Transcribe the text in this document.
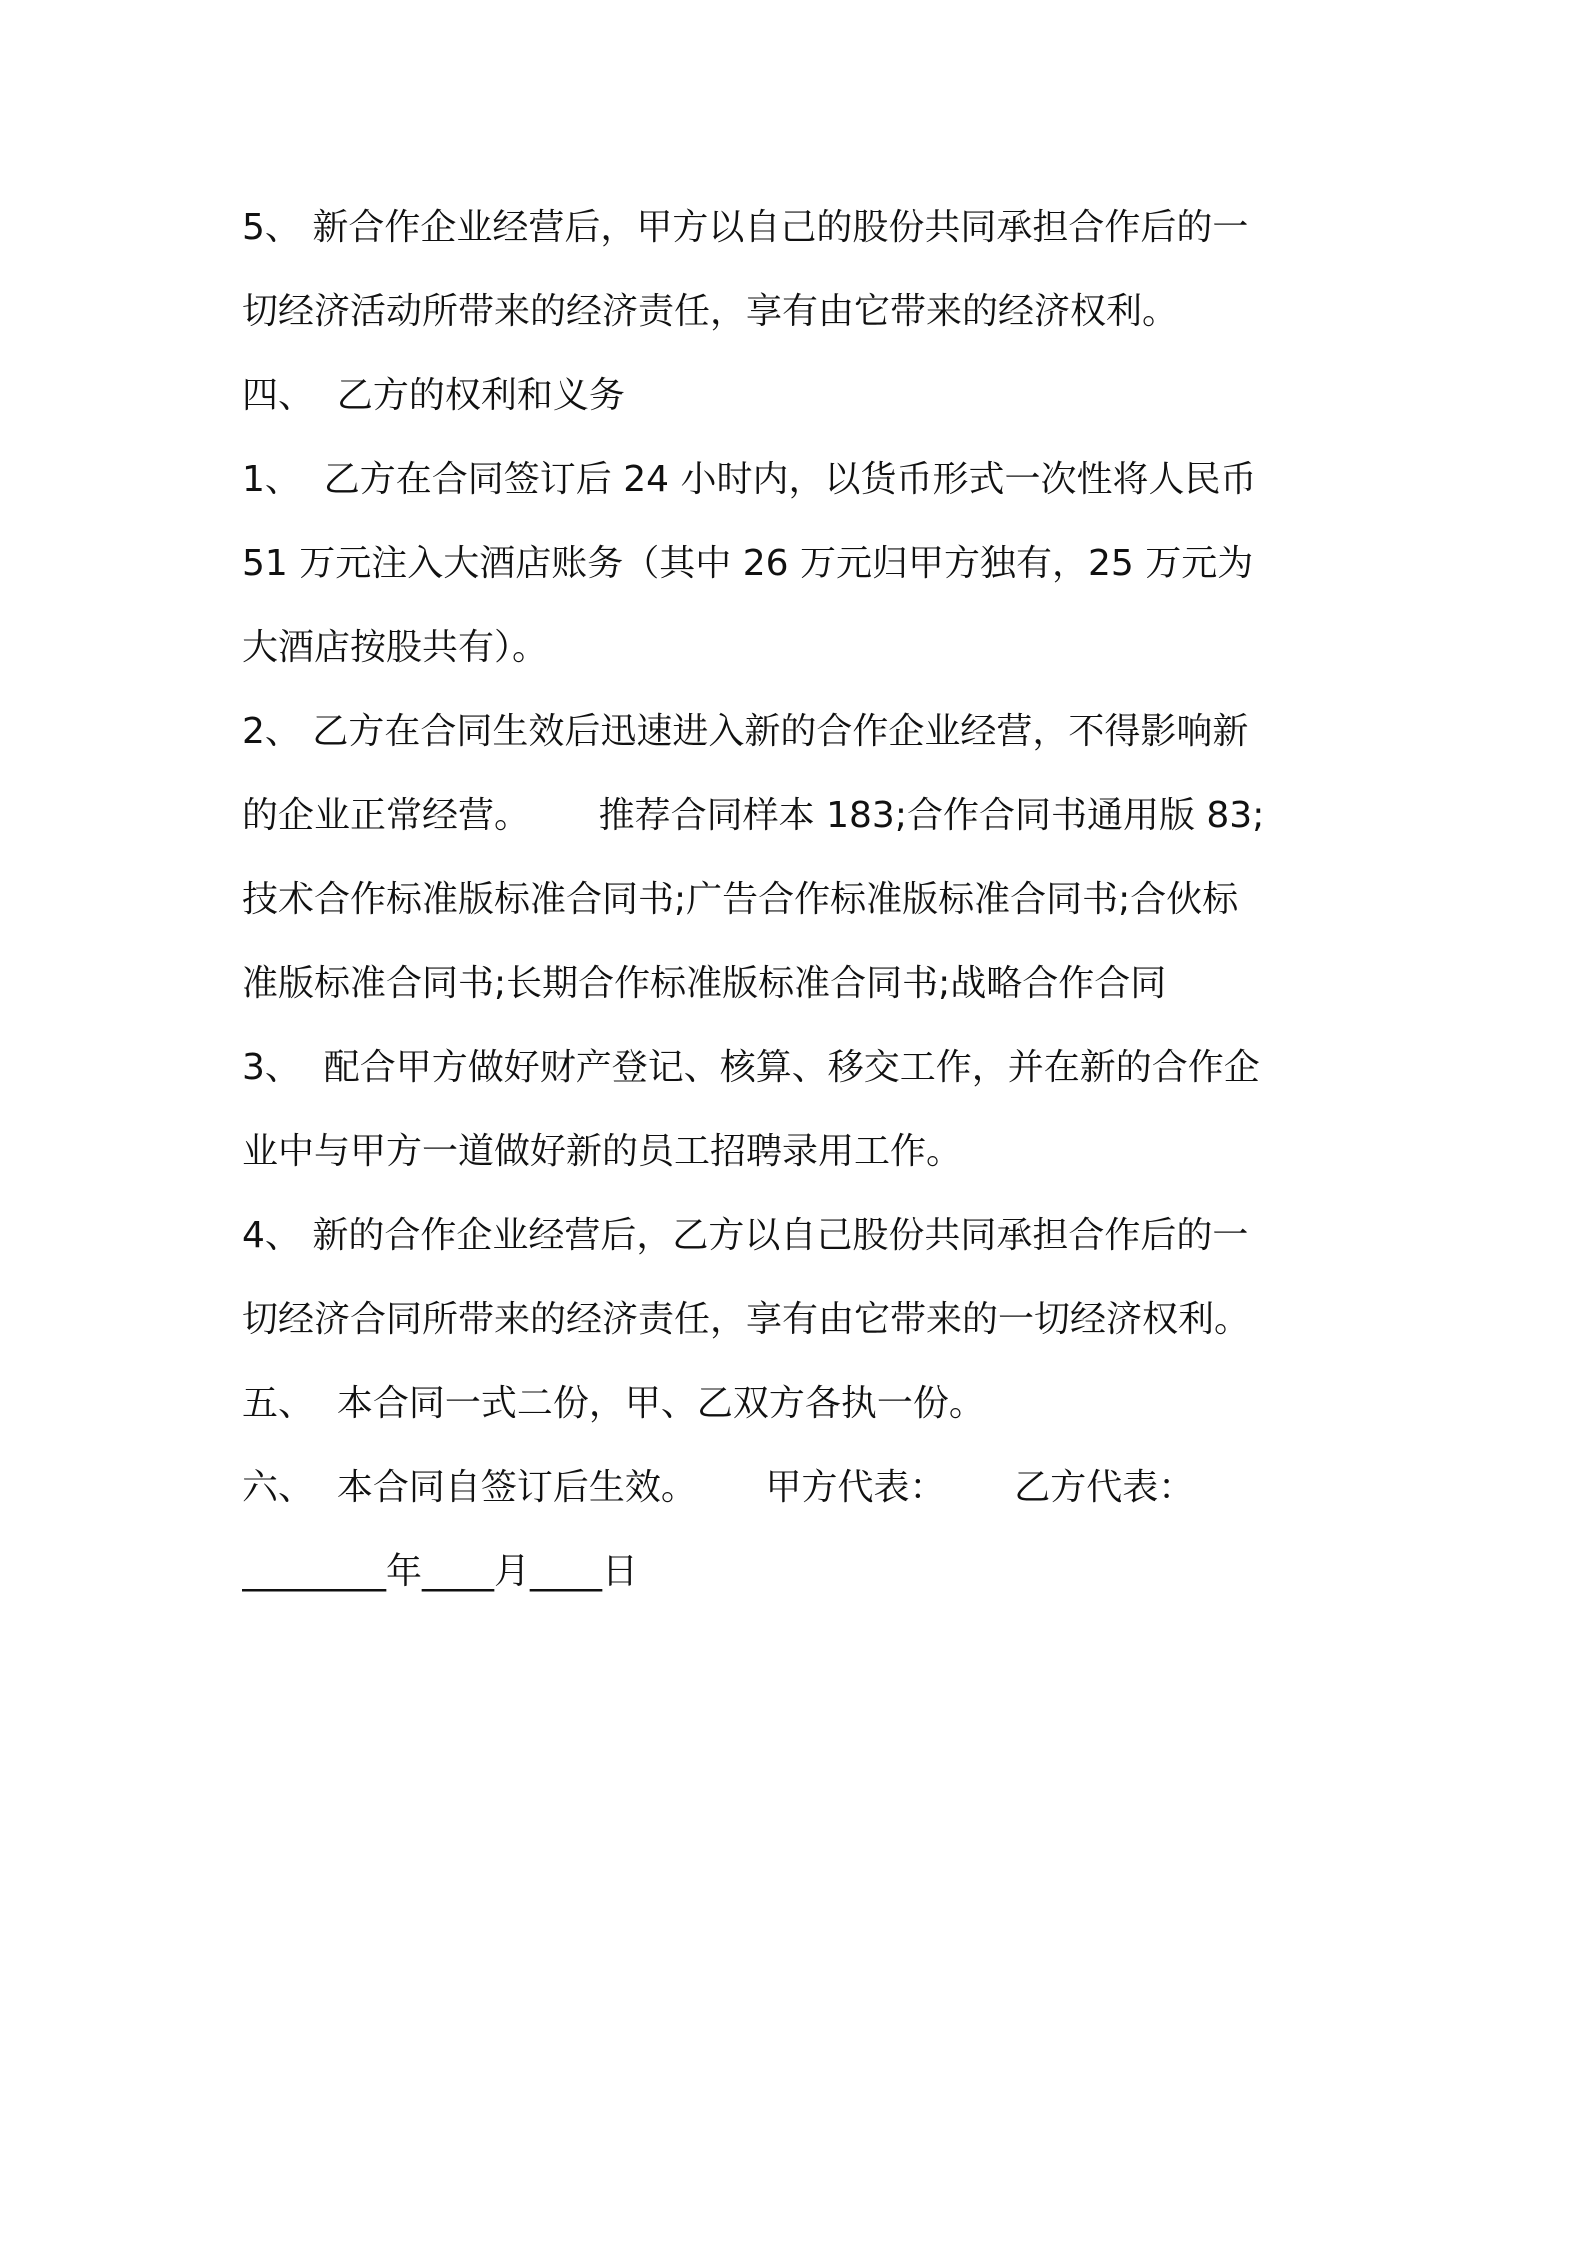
5、 新合作企业经营后，甲方以自己的股份共同承担合作后的一
切经济活动所带来的经济责任，享有由它带来的经济权利。
四、  乙方的权利和义务
1、  乙方在合同签订后 24 小时内，以货币形式一次性将人民币
51 万元注入大酒店账务（其中 26 万元归甲方独有，25 万元为
大酒店按股共有）。
2、 乙方在合同生效后迅速进入新的合作企业经营，不得影响新
的企业正常经营。      推荐合同样本 183;合作合同书通用版 83;
技术合作标准版标准合同书;广告合作标准版标准合同书;合伙标
准版标准合同书;长期合作标准版标准合同书;战略合作合同
3、  配合甲方做好财产登记、核算、移交工作，并在新的合作企
业中与甲方一道做好新的员工招聘录用工作。
4、 新的合作企业经营后，乙方以自己股份共同承担合作后的一
切经济合同所带来的经济责任，享有由它带来的一切经济权利。
五、  本合同一式二份，甲、乙双方各执一份。
六、  本合同自签订后生效。      甲方代表：      乙方代表：
________年____月____日
